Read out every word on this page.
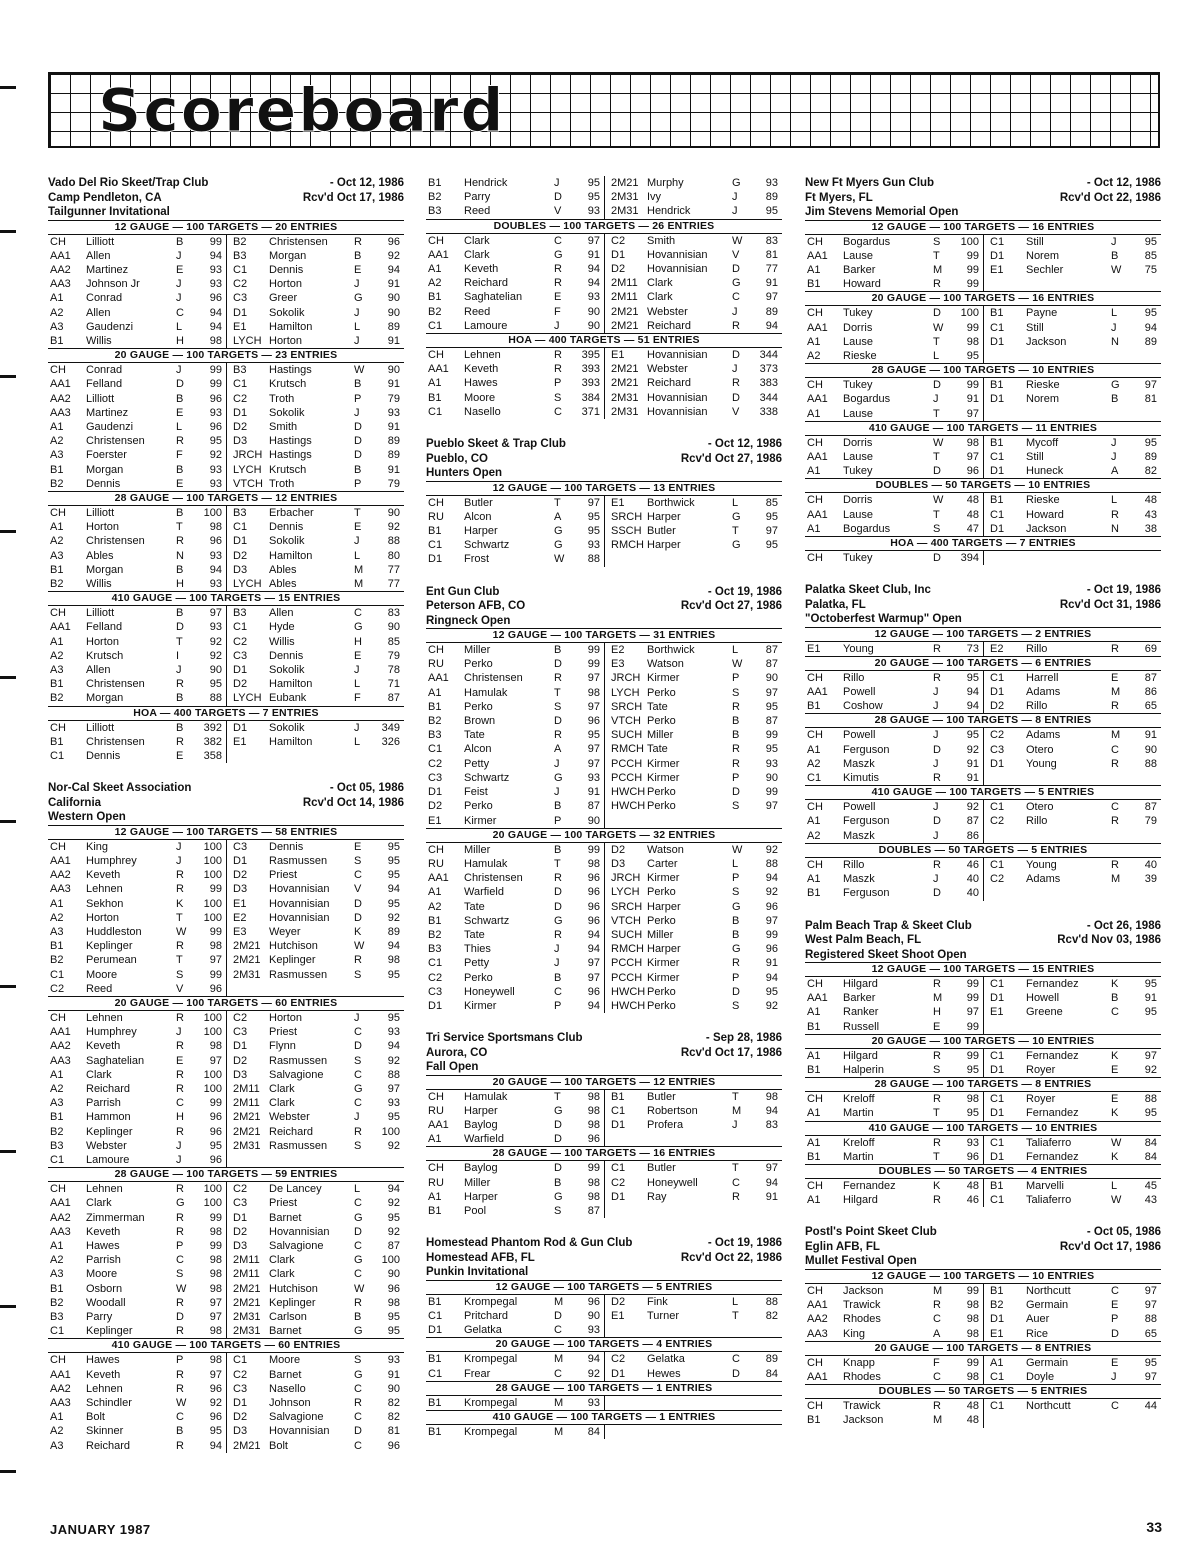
Scoreboard
Vado Del Rio Skeet/Trap Club	- Oct 12, 1986
Camp Pendleton, CA	Rcv'd Oct 17, 1986
Tailgunner Invitational
12 GAUGE — 100 TARGETS — 20 ENTRIES
CH	Lilliott	B	99 B2	Christensen	R	96
AA1	Allen	J	94 B3	Morgan	B	92
AA2	Martinez	E	93 C1	Dennis	E	94
AA3	Johnson Jr	J	93 C2	Horton	J	91
A1	Conrad	J	96 C3	Greer	G	90
A2	Allen	C	94 D1	Sokolik	J	90
A3	Gaudenzi	L	94 E1	Hamilton	L	89
B1	Willis	H	98 LYCH Horton	J	91
20 GAUGE — 100 TARGETS — 23 ENTRIES
CH	Conrad	J	99 B3	Hastings	W	90
AA1	Felland	D	99 C1	Krutsch	B	91
AA2	Lilliott	B	96 C2	Troth	P	79
AA3	Martinez	E	93 D1	Sokolik	J	93
A1	Gaudenzi	L	96 D2	Smith	D	91
A2	Christensen	R	95 D3	Hastings	D	89
A3	Foerster	F	92 JRCH Hastings	D	89
B1	Morgan	B	93 LYCH Krutsch	B	91
B2	Dennis	E	93 VTCH Troth	P	79
28 GAUGE — 100 TARGETS — 12 ENTRIES
CH	Lilliott	B	100 B3	Erbacher	T	90
A1	Horton	T	98 C1	Dennis	E	92
A2	Christensen	R	96 D1	Sokolik	J	88
A3	Ables	N	93 D2	Hamilton	L	80
B1	Morgan	B	94 D3	Ables	M	77
B2	Willis	H	93 LYCH Ables	M	77
410 GAUGE — 100 TARGETS — 15 ENTRIES
CH	Lilliott	B	97 B3	Allen	C	83
AA1	Felland	D	93 C1	Hyde	G	90
A1	Horton	T	92 C2	Willis	H	85
A2	Krutsch	I	92 C3	Dennis	E	79
A3	Allen	J	90 D1	Sokolik	J	78
B1	Christensen	R	95 D2	Hamilton	L	71
B2	Morgan	B	88 LYCH Eubank	F	87
HOA — 400 TARGETS — 7 ENTRIES
CH	Lilliott	B	392 D1	Sokolik	J	349
B1	Christensen	R	382 E1	Hamilton	L	326
C1	Dennis	E	358
Nor-Cal Skeet Association	- Oct 05, 1986
California	Rcv'd Oct 14, 1986
Western Open
12 GAUGE — 100 TARGETS — 58 ENTRIES
CH	King	J	100 C3	Dennis	E	95
AA1	Humphrey	J	100 D1	Rasmussen	S	95
AA2	Keveth	R	100 D2	Priest	C	95
AA3	Lehnen	R	99 D3	Hovannisian	V	94
A1	Sekhon	K	100 E1	Hovannisian	D	95
A2	Horton	T	100 E2	Hovannisian	D	92
A3	Huddleston	W	99 E3	Weyer	K	89
B1	Keplinger	R	98 2M21 Hutchison	W	94
B2	Perumean	T	97 2M21 Keplinger	R	98
C1	Moore	S	99 2M31 Rasmussen	S	95
C2	Reed	V	96
20 GAUGE — 100 TARGETS — 60 ENTRIES
CH	Lehnen	R	100 C2	Horton	J	95
AA1	Humphrey	J	100 C3	Priest	C	93
AA2	Keveth	R	98 D1	Flynn	D	94
AA3	Saghatelian	E	97 D2	Rasmussen	S	92
A1	Clark	R	100 D3	Salvagione	C	88
A2	Reichard	R	100 2M11 Clark	G	97
A3	Parrish	C	99 2M11 Clark	C	93
B1	Hammon	H	96 2M21 Webster	J	95
B2	Keplinger	R	96 2M21 Reichard	R	100
B3	Webster	J	95 2M31 Rasmussen	S	92
C1	Lamoure	J	96
28 GAUGE — 100 TARGETS — 59 ENTRIES
CH	Lehnen	R	100 C2	De Lancey	L	94
AA1	Clark	G	100 C3	Priest	C	92
AA2	Zimmerman	R	99 D1	Barnet	G	95
AA3	Keveth	R	98 D2	Hovannisian	D	92
A1	Hawes	P	99 D3	Salvagione	C	87
A2	Parrish	C	98 2M11 Clark	G	100
A3	Moore	S	98 2M11 Clark	C	90
B1	Osborn	W	98 2M21 Hutchison	W	96
B2	Woodall	R	97 2M21 Keplinger	R	98
B3	Parry	D	97 2M31 Carlson	B	95
C1	Keplinger	R	98 2M31 Barnet	G	95
410 GAUGE — 100 TARGETS — 60 ENTRIES
CH	Hawes	P	98 C1	Moore	S	93
AA1	Keveth	R	97 C2	Barnet	G	91
AA2	Lehnen	R	96 C3	Nasello	C	90
AA3	Schindler	W	92 D1	Johnson	R	82
A1	Bolt	C	96 D2	Salvagione	C	82
A2	Skinner	B	95 D3	Hovannisian	D	81
A3	Reichard	R	94 2M21 Bolt	C	96
B1	Hendrick	J	95 2M21 Murphy	G	93
B2	Parry	D	95 2M31 Ivy	J	89
B3	Reed	V	93 2M31 Hendrick	J	95
DOUBLES — 100 TARGETS — 26 ENTRIES
CH	Clark	C	97 C2	Smith	W	83
AA1	Clark	G	91 D1	Hovannisian	V	81
A1	Keveth	R	94 D2	Hovannisian	D	77
A2	Reichard	R	94 2M11 Clark	G	91
B1	Saghatelian	E	93 2M11 Clark	C	97
B2	Reed	F	90 2M21 Webster	J	89
C1	Lamoure	J	90 2M21 Reichard	R	94
HOA — 400 TARGETS — 51 ENTRIES
CH	Lehnen	R	395 E1	Hovannisian	D	344
AA1	Keveth	R	393 2M21 Webster	J	373
A1	Hawes	P	393 2M21 Reichard	R	383
B1	Moore	S	384 2M31 Hovannisian	D	344
C1	Nasello	C	371 2M31 Hovannisian	V	338
Pueblo Skeet & Trap Club	- Oct 12, 1986
Pueblo, CO	Rcv'd Oct 27, 1986
Hunters Open
12 GAUGE — 100 TARGETS — 13 ENTRIES
CH	Butler	T	97 E1	Borthwick	L	85
RU	Alcon	A	95 SRCH Harper	G	95
B1	Harper	G	95 SSCH Butler	T	97
C1	Schwartz	G	93 RMCH Harper	G	95
D1	Frost	W	88
Ent Gun Club	- Oct 19, 1986
Peterson AFB, CO	Rcv'd Oct 27, 1986
Ringneck Open
12 GAUGE — 100 TARGETS — 31 ENTRIES
CH	Miller	B	99 E2	Borthwick	L	87
RU	Perko	D	99 E3	Watson	W	87
AA1	Christensen	R	97 JRCH Kirmer	P	90
A1	Hamulak	T	98 LYCH Perko	S	97
B1	Perko	S	97 SRCH Tate	R	95
B2	Brown	D	96 VTCH Perko	B	87
B3	Tate	R	95 SUCH Miller	B	99
C1	Alcon	A	97 RMCH Tate	R	95
C2	Petty	J	97 PCCH Kirmer	R	93
C3	Schwartz	G	93 PCCH Kirmer	P	90
D1	Feist	J	91 HWCH Perko	D	99
D2	Perko	B	87 HWCH Perko	S	97
E1	Kirmer	P	90
20 GAUGE — 100 TARGETS — 32 ENTRIES
CH	Miller	B	99 D2	Watson	W	92
RU	Hamulak	T	98 D3	Carter	L	88
AA1	Christensen	R	96 JRCH Kirmer	P	94
A1	Warfield	D	96 LYCH Perko	S	92
A2	Tate	D	96 SRCH Harper	G	96
B1	Schwartz	G	96 VTCH Perko	B	97
B2	Tate	R	94 SUCH Miller	B	99
B3	Thies	J	94 RMCH Harper	G	96
C1	Petty	J	97 PCCH Kirmer	R	91
C2	Perko	B	97 PCCH Kirmer	P	94
C3	Honeywell	C	96 HWCH Perko	D	95
D1	Kirmer	P	94 HWCH Perko	S	92
Tri Service Sportsmans Club	- Sep 28, 1986
Aurora, CO	Rcv'd Oct 17, 1986
Fall Open
20 GAUGE — 100 TARGETS — 12 ENTRIES
CH	Hamulak	T	98 B1	Butler	T	98
RU	Harper	G	98 C1	Robertson	M	94
AA1	Baylog	D	98 D1	Profera	J	83
A1	Warfield	D	96
28 GAUGE — 100 TARGETS — 16 ENTRIES
CH	Baylog	D	99 C1	Butler	T	97
RU	Miller	B	98 C2	Honeywell	C	94
A1	Harper	G	98 D1	Ray	R	91
B1	Pool	S	87
Homestead Phantom Rod & Gun Club	- Oct 19, 1986
Homestead AFB, FL	Rcv'd Oct 22, 1986
Punkin Invitational
12 GAUGE — 100 TARGETS — 5 ENTRIES
B1	Krompegal	M	96 D2	Fink	L	88
C1	Pritchard	D	90 E1	Turner	T	82
D1	Gelatka	C	93
20 GAUGE — 100 TARGETS — 4 ENTRIES
B1	Krompegal	M	94 C2	Gelatka	C	89
C1	Frear	C	92 D1	Hewes	D	84
28 GAUGE — 100 TARGETS — 1 ENTRIES
B1	Krompegal	M	93
410 GAUGE — 100 TARGETS — 1 ENTRIES
B1	Krompegal	M	84
New Ft Myers Gun Club	- Oct 12, 1986
Ft Myers, FL	Rcv'd Oct 22, 1986
Jim Stevens Memorial Open
12 GAUGE — 100 TARGETS — 16 ENTRIES
CH	Bogardus	S	100 C1	Still	J	95
AA1	Lause	T	99 D1	Norem	B	85
A1	Barker	M	99 E1	Sechler	W	75
B1	Howard	R	99
20 GAUGE — 100 TARGETS — 16 ENTRIES
CH	Tukey	D	100 B1	Payne	L	95
AA1	Dorris	W	99 C1	Still	J	94
A1	Lause	T	98 D1	Jackson	N	89
A2	Rieske	L	95
28 GAUGE — 100 TARGETS — 10 ENTRIES
CH	Tukey	D	99 B1	Rieske	G	97
AA1	Bogardus	J	91 D1	Norem	B	81
A1	Lause	T	97
410 GAUGE — 100 TARGETS — 11 ENTRIES
CH	Dorris	W	98 B1	Mycoff	J	95
AA1	Lause	T	97 C1	Still	J	89
A1	Tukey	D	96 D1	Huneck	A	82
DOUBLES — 50 TARGETS — 10 ENTRIES
CH	Dorris	W	48 B1	Rieske	L	48
AA1	Lause	T	48 C1	Howard	R	43
A1	Bogardus	S	47 D1	Jackson	N	38
HOA — 400 TARGETS — 7 ENTRIES
CH	Tukey	D	394
Palatka Skeet Club, Inc	- Oct 19, 1986
Palatka, FL	Rcv'd Oct 31, 1986
"Octoberfest Warmup" Open
12 GAUGE — 100 TARGETS — 2 ENTRIES
E1	Young	R	73 E2	Rillo	R	69
20 GAUGE — 100 TARGETS — 6 ENTRIES
CH	Rillo	R	95 C1	Harrell	E	87
AA1	Powell	J	94 D1	Adams	M	86
B1	Coshow	J	94 D2	Rillo	R	65
28 GAUGE — 100 TARGETS — 8 ENTRIES
CH	Powell	J	95 C2	Adams	M	91
A1	Ferguson	D	92 C3	Otero	C	90
A2	Maszk	J	91 D1	Young	R	88
C1	Kimutis	R	91
410 GAUGE — 100 TARGETS — 5 ENTRIES
CH	Powell	J	92 C1	Otero	C	87
A1	Ferguson	D	87 C2	Rillo	R	79
A2	Maszk	J	86
DOUBLES — 50 TARGETS — 5 ENTRIES
CH	Rillo	R	46 C1	Young	R	40
A1	Maszk	J	40 C2	Adams	M	39
B1	Ferguson	D	40
Palm Beach Trap & Skeet Club	- Oct 26, 1986
West Palm Beach, FL	Rcv'd Nov 03, 1986
Registered Skeet Shoot Open
12 GAUGE — 100 TARGETS — 15 ENTRIES
CH	Hilgard	R	99 C1	Fernandez	K	95
AA1	Barker	M	99 D1	Howell	B	91
A1	Ranker	H	97 E1	Greene	C	95
B1	Russell	E	99
20 GAUGE — 100 TARGETS — 10 ENTRIES
A1	Hilgard	R	99 C1	Fernandez	K	97
B1	Halperin	S	95 D1	Royer	E	92
28 GAUGE — 100 TARGETS — 8 ENTRIES
CH	Kreloff	R	98 C1	Royer	E	88
A1	Martin	T	95 D1	Fernandez	K	95
410 GAUGE — 100 TARGETS — 10 ENTRIES
A1	Kreloff	R	93 C1	Taliaferro	W	84
B1	Martin	T	96 D1	Fernandez	K	84
DOUBLES — 50 TARGETS — 4 ENTRIES
CH	Fernandez	K	48 B1	Marvelli	L	45
A1	Hilgard	R	46 C1	Taliaferro	W	43
Postl's Point Skeet Club	- Oct 05, 1986
Eglin AFB, FL	Rcv'd Oct 17, 1986
Mullet Festival Open
12 GAUGE — 100 TARGETS — 10 ENTRIES
CH	Jackson	M	99 B1	Northcutt	C	97
AA1	Trawick	R	98 B2	Germain	E	97
AA2	Rhodes	C	98 D1	Auer	P	88
AA3	King	A	98 E1	Rice	D	65
20 GAUGE — 100 TARGETS — 8 ENTRIES
CH	Knapp	F	99 A1	Germain	E	95
AA1	Rhodes	C	98 C1	Doyle	J	97
DOUBLES — 50 TARGETS — 5 ENTRIES
CH	Trawick	R	48 C1	Northcutt	C	44
B1	Jackson	M	48
JANUARY 1987	33
